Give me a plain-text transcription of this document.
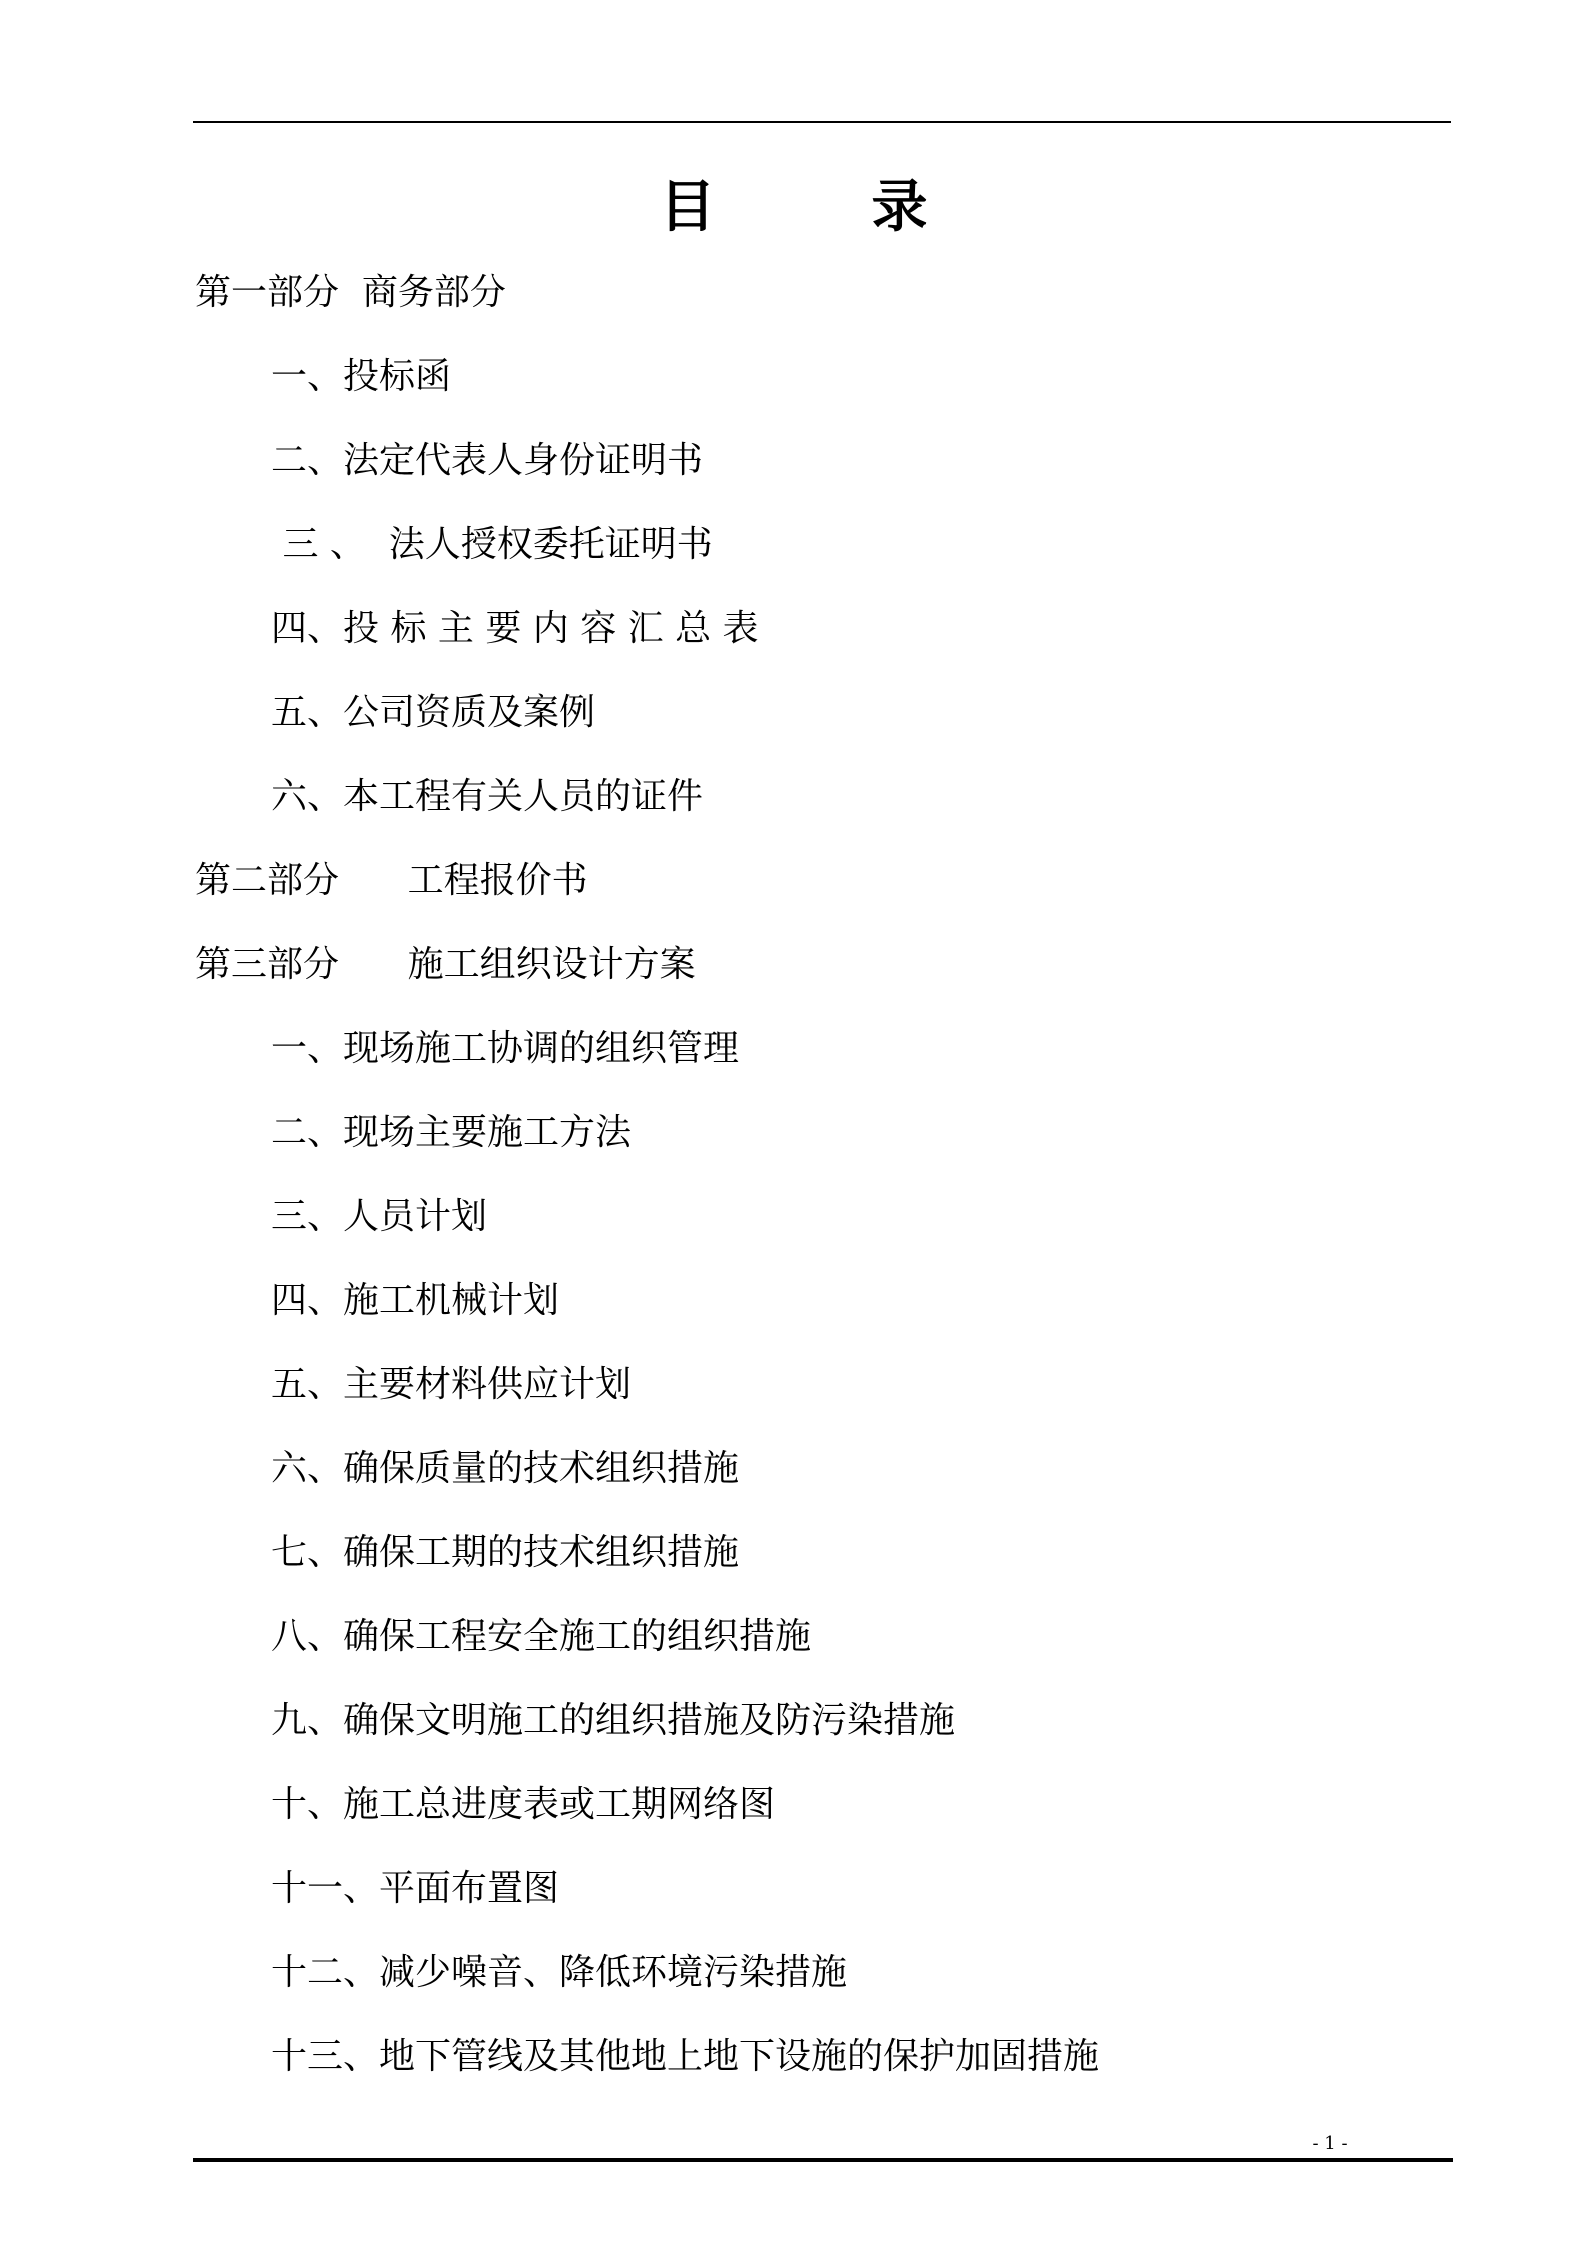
目        录
第一部分  商务部分
一、投标函
二、法定代表人身份证明书
三 、  法人授权委托证明书
四、投 标 主 要 内 容 汇 总 表
五、公司资质及案例
六、本工程有关人员的证件
第二部分      工程报价书
第三部分      施工组织设计方案
一、现场施工协调的组织管理
二、现场主要施工方法
三、人员计划
四、施工机械计划
五、主要材料供应计划
六、确保质量的技术组织措施
七、确保工期的技术组织措施
八、确保工程安全施工的组织措施
九、确保文明施工的组织措施及防污染措施
十、施工总进度表或工期网络图
十一、平面布置图
十二、减少噪音、降低环境污染措施
十三、地下管线及其他地上地下设施的保护加固措施
- 1 -
